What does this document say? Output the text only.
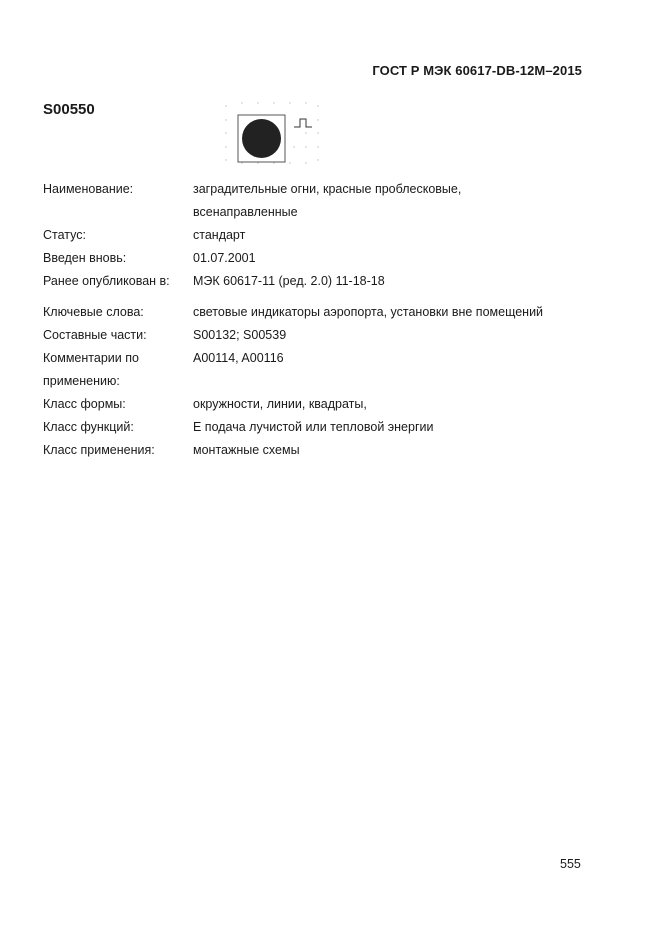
ГОСТ Р МЭК 60617-DB-12M–2015
S00550
Наименование:	заградительные огни, красные проблесковые, всенаправленные
Статус:	стандарт
Введен вновь:	01.07.2001
Ранее опубликован в:	МЭК 60617-11 (ред. 2.0) 11-18-18
Ключевые слова:	световые индикаторы аэропорта, установки вне помещений
Составные части:	S00132; S00539
Комментарии по применению:
A00114, A00116
Класс формы:	окружности, линии, квадраты,
Класс функций:	E подача лучистой или тепловой энергии
Класс применения:	монтажные схемы
555
